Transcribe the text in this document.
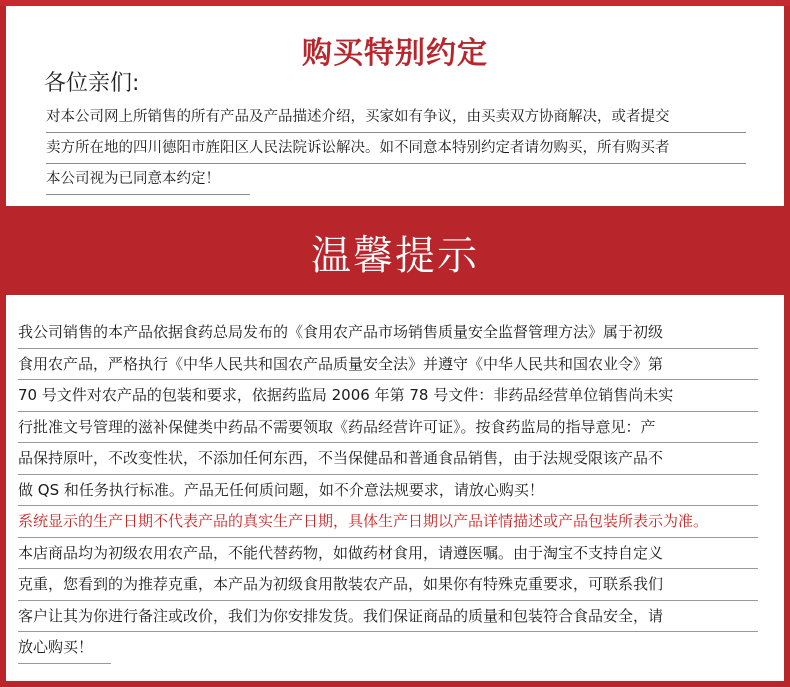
购买特别约定
各位亲们:
对本公司网上所销售的所有产品及产品描述介绍，买家如有争议，由买卖双方协商解决，或者提交
卖方所在地的四川德阳市旌阳区人民法院诉讼解决。如不同意本特别约定者请勿购买，所有购买者
本公司视为已同意本约定！
温馨提示
我公司销售的本产品依据食药总局发布的《食用农产品市场销售质量安全监督管理方法》属于初级
食用农产品，严格执行《中华人民共和国农产品质量安全法》并遵守《中华人民共和国农业令》第
70 号文件对农产品的包装和要求，依据药监局 2006 年第 78 号文件：非药品经营单位销售尚未实
行批准文号管理的滋补保健类中药品不需要领取《药品经营许可证》。按食药监局的指导意见：产
品保持原叶，不改变性状，不添加任何东西，不当保健品和普通食品销售，由于法规受限该产品不
做 QS 和任务执行标准。产品无任何质问题，如不介意法规要求，请放心购买！
系统显示的生产日期不代表产品的真实生产日期，具体生产日期以产品详情描述或产品包装所表示为准。
本店商品均为初级农用农产品，不能代替药物，如做药材食用，请遵医嘱。由于淘宝不支持自定义
克重，您看到的为推荐克重，本产品为初级食用散装农产品，如果你有特殊克重要求，可联系我们
客户让其为你进行备注或改价，我们为你安排发货。我们保证商品的质量和包装符合食品安全，请
放心购买！
